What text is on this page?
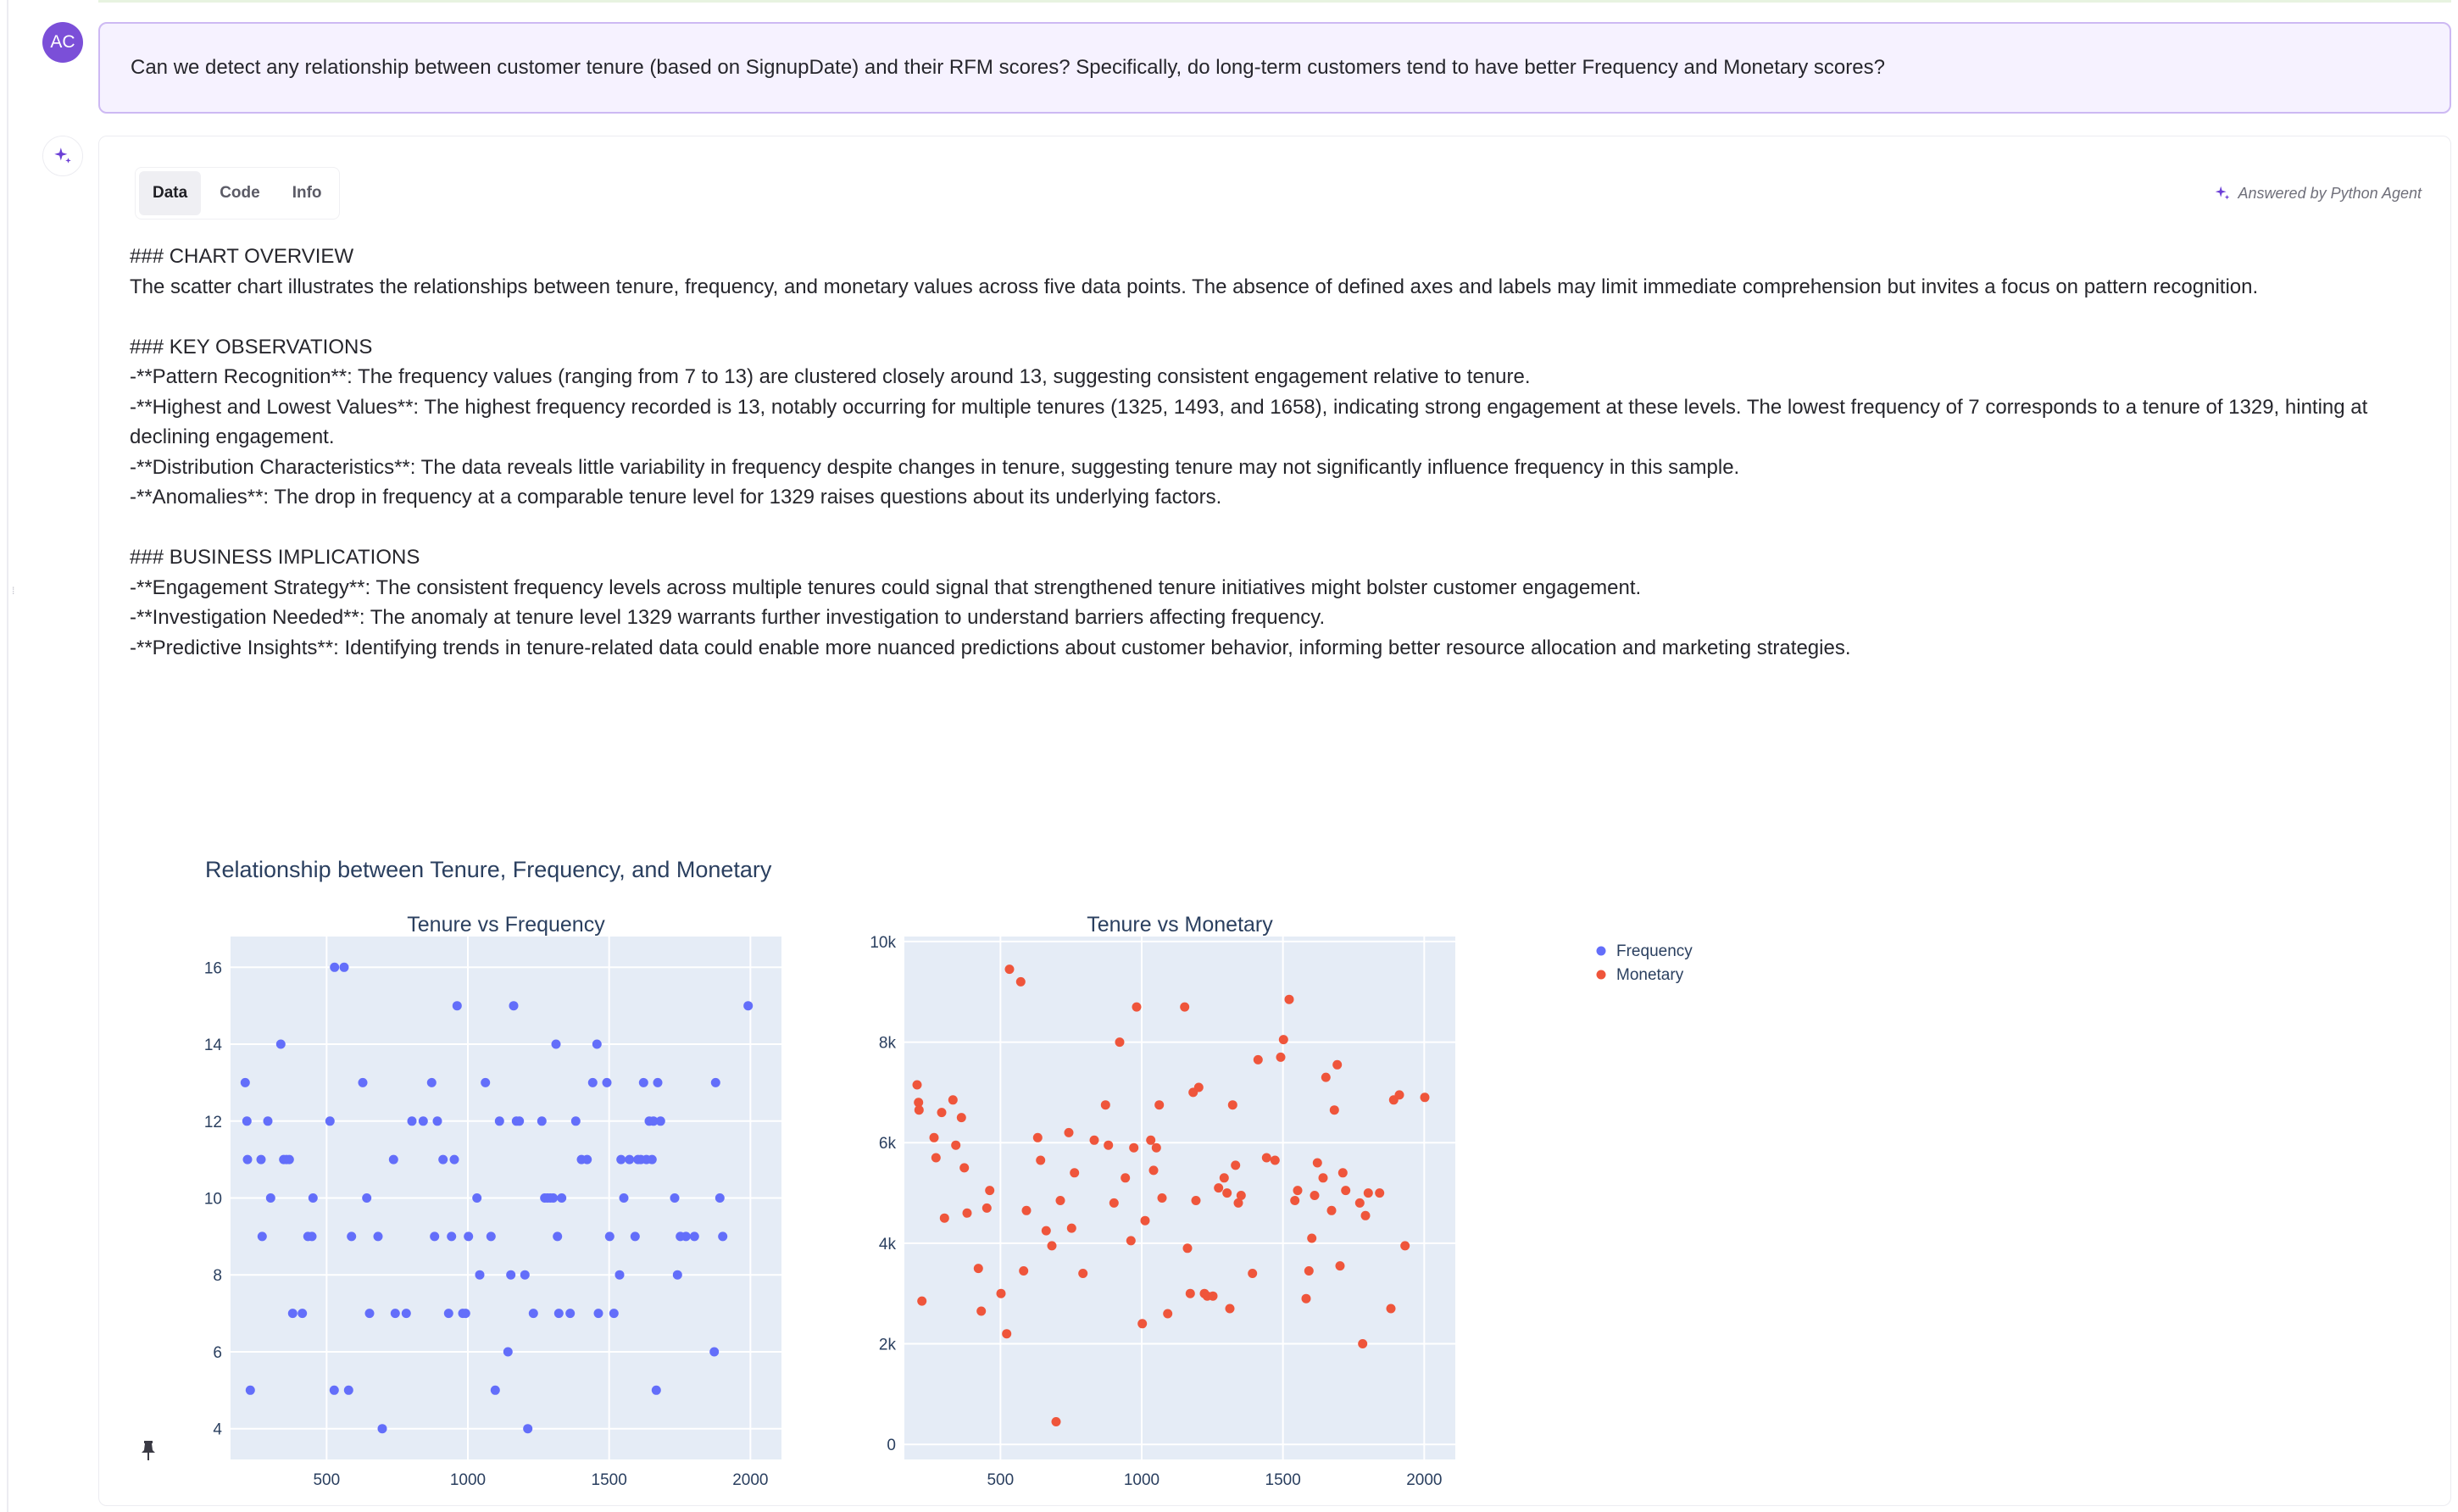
⁞
AC
Can we detect any relationship between customer tenure (based on SignupDate) and their RFM scores? Specifically, do long-term customers tend to have better Frequency and Monetary scores?
Data	Code	Info	Answered by Python Agent
### CHART OVERVIEW
The scatter chart illustrates the relationships between tenure, frequency, and monetary values across five data points. The absence of defined axes and labels may limit immediate comprehension but invites a focus on pattern recognition.
### KEY OBSERVATIONS
-**Pattern Recognition**: The frequency values (ranging from 7 to 13) are clustered closely around 13, suggesting consistent engagement relative to tenure.
-**Highest and Lowest Values**: The highest frequency recorded is 13, notably occurring for multiple tenures (1325, 1493, and 1658), indicating strong engagement at these levels. The lowest frequency of 7 corresponds to a tenure of 1329, hinting at
declining engagement.
-**Distribution Characteristics**: The data reveals little variability in frequency despite changes in tenure, suggesting tenure may not significantly influence frequency in this sample.
-**Anomalies**: The drop in frequency at a comparable tenure level for 1329 raises questions about its underlying factors.
### BUSINESS IMPLICATIONS
-**Engagement Strategy**: The consistent frequency levels across multiple tenures could signal that strengthened tenure initiatives might bolster customer engagement.
-**Investigation Needed**: The anomaly at tenure level 1329 warrants further investigation to understand barriers affecting frequency.
-**Predictive Insights**: Identifying trends in tenure-related data could enable more nuanced predictions about customer behavior, informing better resource allocation and marketing strategies.
Relationship between Tenure, Frequency, and Monetary
Frequency
Monetary
500	1000	1500	2000
4
6
8
10
12
14
16
Tenure vs Frequency
500	1000	1500	2000
0
2k
4k
6k
8k
10k
Tenure vs Monetary
